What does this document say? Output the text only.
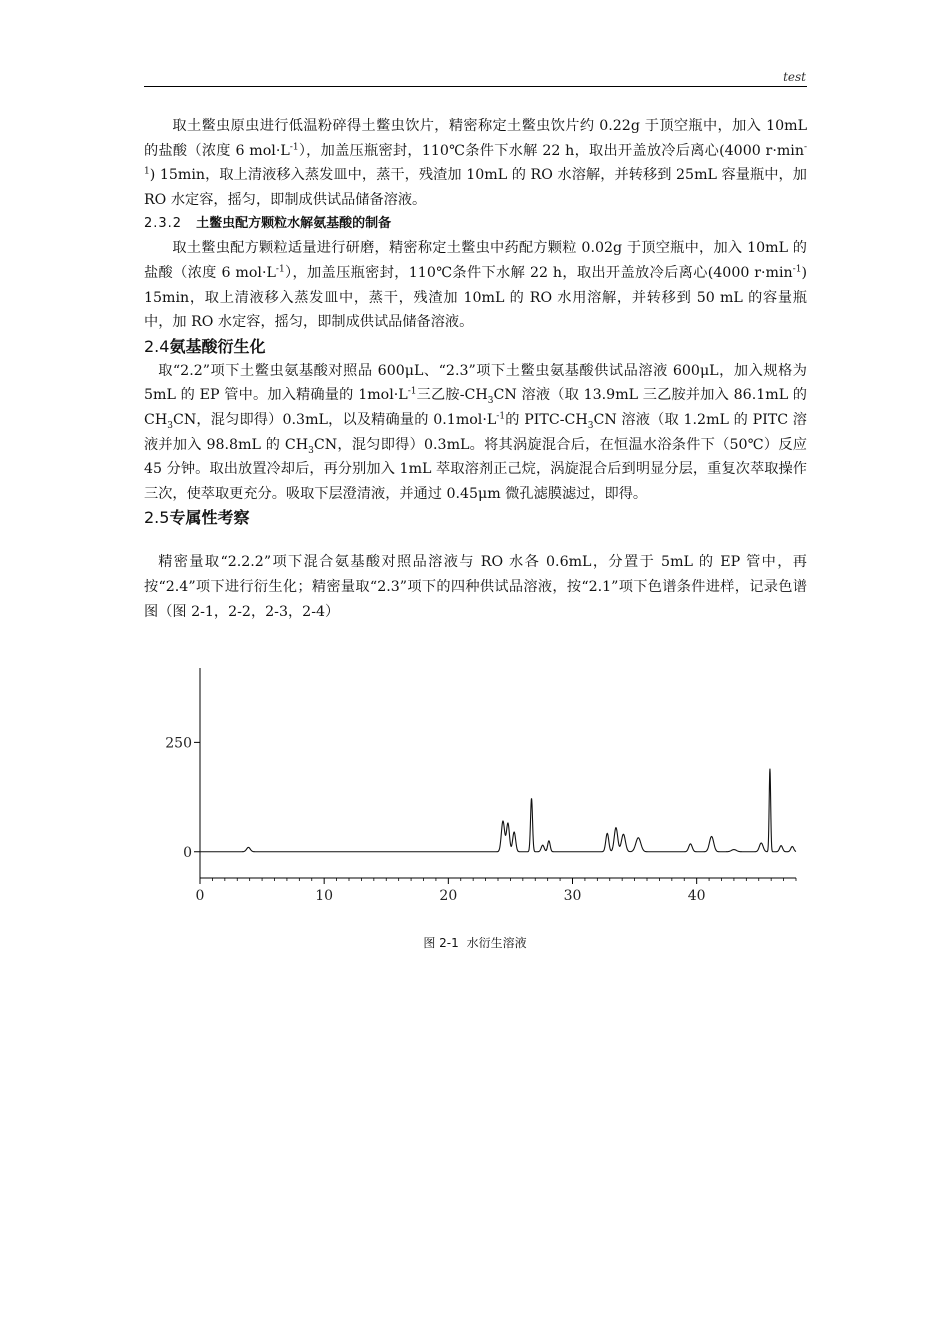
test

取土鳖虫原虫进行低温粉碎得土鳖虫饮片，精密称定土鳖虫饮片约 0.22g 于顶空瓶中，加入 10mL 的盐酸（浓度 6 $mol\cdot L^{-1}$），加盖压瓶密封，110℃条件下水解 22 h，取出开盖放冷后离心(4000 $r\cdot\min^{-1}$) 15min，取上清液移入蒸发皿中，蒸干，残渣加 10mL 的 RO 水溶解，并转移到 25mL 容量瓶中，加 RO 水定容，摇匀，即制成供试品储备溶液。

2.3.2 土鳖虫配方颗粒水解氨基酸的制备

取土鳖虫配方颗粒适量进行研磨，精密称定土鳖虫中药配方颗粒 0.02g 于顶空瓶中，加入 10mL 的盐酸（浓度 6 $mol\cdot L^{-1}$），加盖压瓶密封，110℃条件下水解 22 h，取出开盖放冷后离心(4000 $r\cdot\min^{-1}$) 15min，取上清液移入蒸发皿中，蒸干，残渣加 10mL 的 RO 水用溶解，并转移到 50 mL 的容量瓶中，加 RO 水定容，摇匀，即制成供试品储备溶液。

2.4氨基酸衍生化

取“2.2”项下土鳖虫氨基酸对照品 600μL、“2.3”项下土鳖虫氨基酸供试品溶液 600μL，加入规格为 5mL 的 EP 管中。加入精确量的 $1mol\cdot L^{-1}$三乙胺$-CH_3CN$ 溶液（取 13.9mL 三乙胺并加入 86.1mL 的 $CH_3CN$，混匀即得）0.3mL，以及精确量的 $0.1mol\cdot L^{-1}$的 PITC-$CH_3CN$ 溶液（取 1.2mL 的 PITC 溶液并加入 98.8mL 的 $CH_3CN$，混匀即得）0.3mL。将其涡旋混合后，在恒温水浴条件下（50℃）反应 45 分钟。取出放置冷却后，再分别加入 1mL 萃取溶剂正己烷，涡旋混合后到明显分层，重复次萃取操作三次，使萃取更充分。吸取下层澄清液，并通过 0.45μm 微孔滤膜滤过，即得。

2.5专属性考察

精密量取“2.2.2”项下混合氨基酸对照品溶液与 RO 水各 0.6mL，分置于 5mL 的 EP 管中，再按“2.4”项下进行衍生化；精密量取“2.3”项下的四种供试品溶液，按“2.1”项下色谱条件进样，记录色谱图（图 2-1，2-2，2-3，2-4）

0	10	20	30	40
0
250
图 2-1 水衍生溶液
